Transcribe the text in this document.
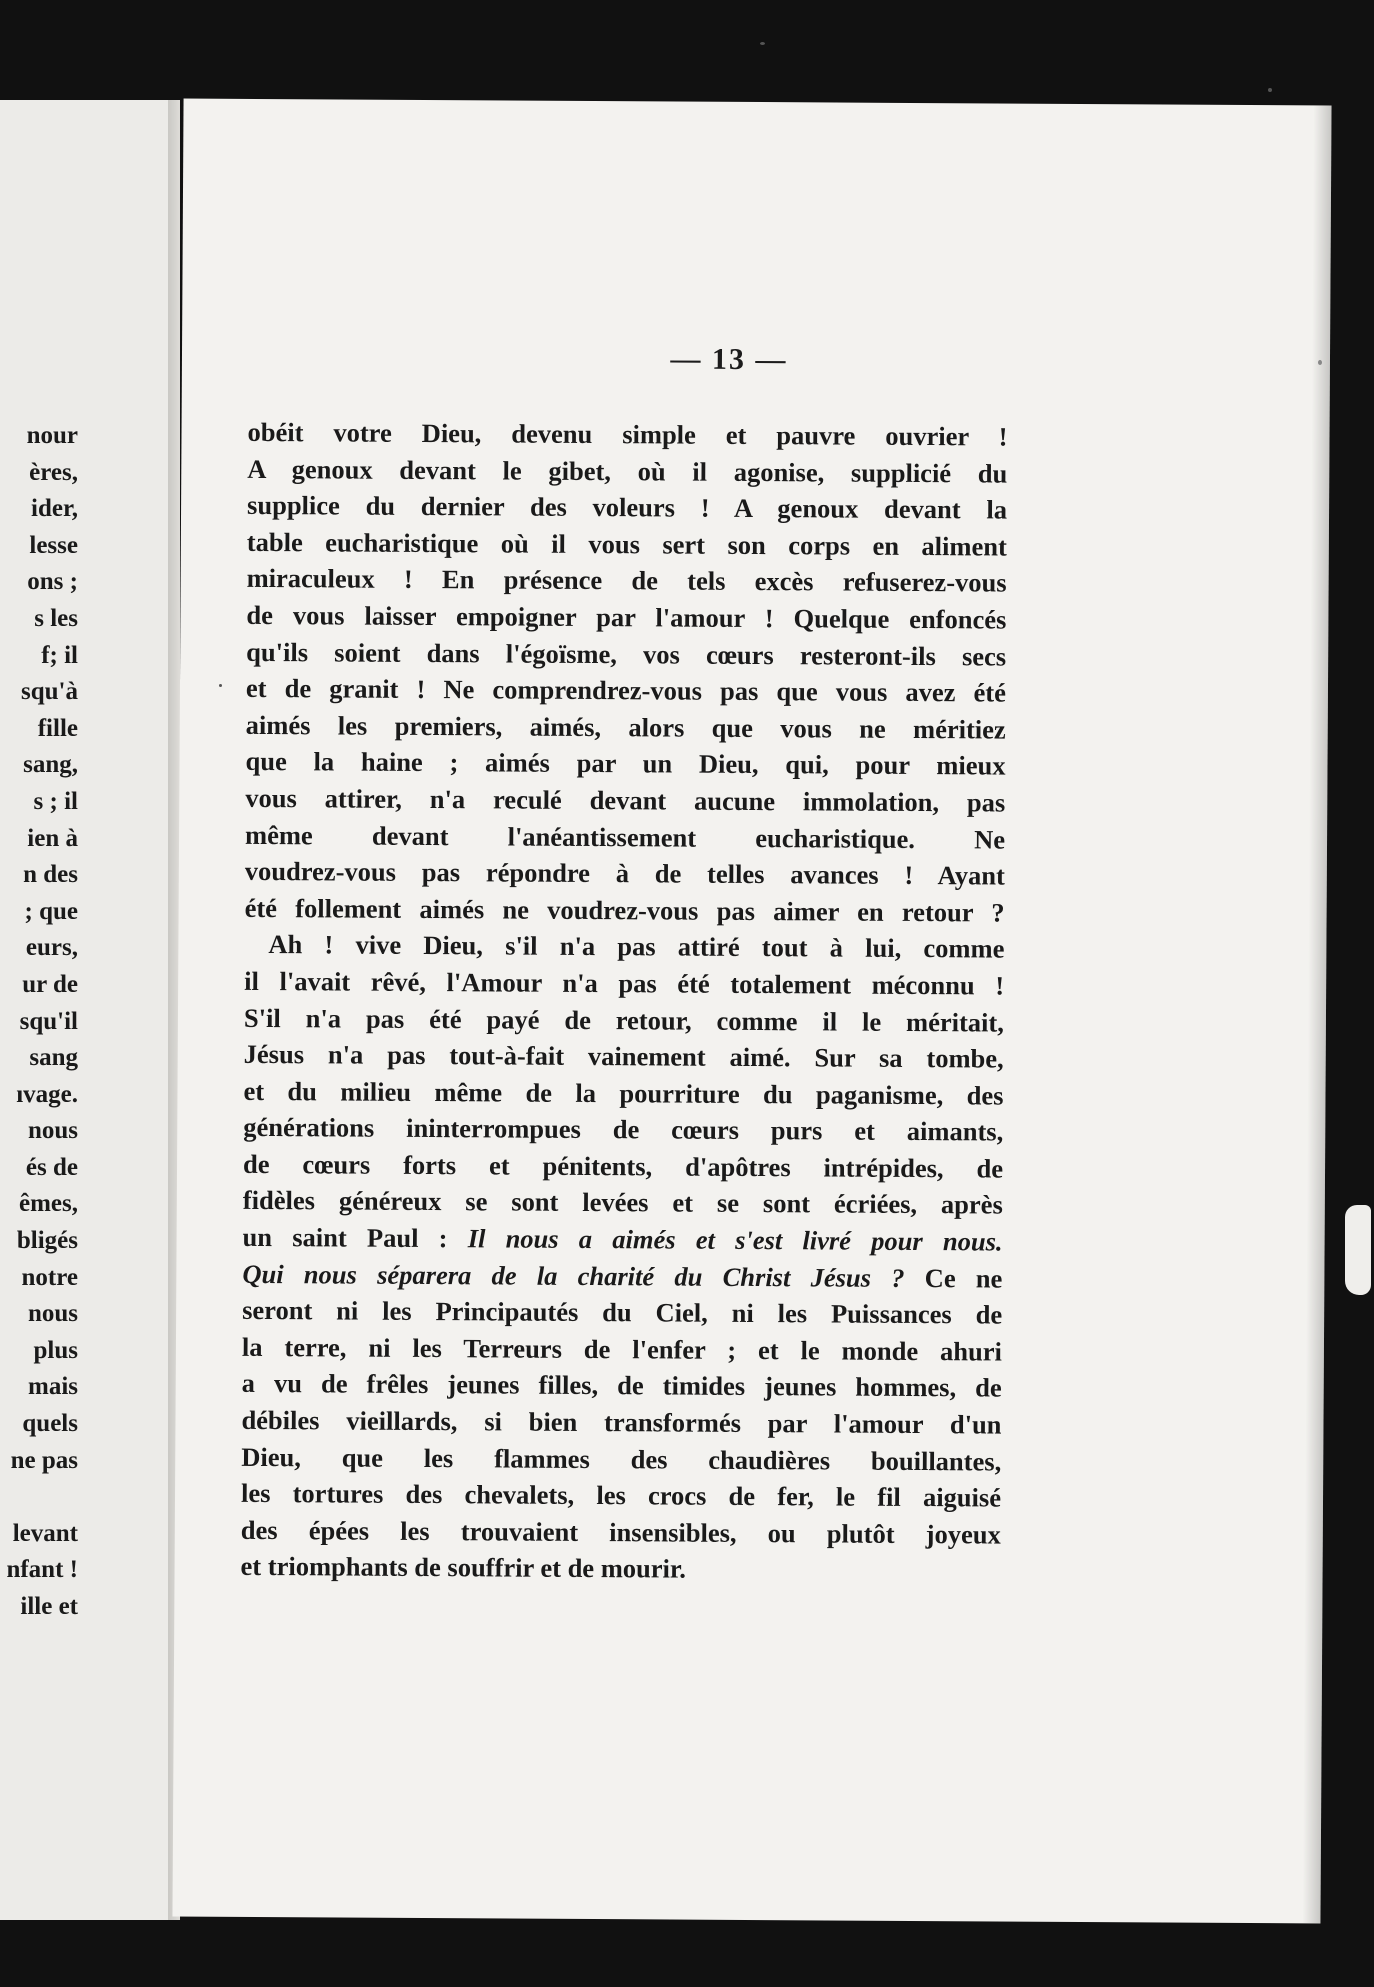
nour
ères,
ider,
lesse
ons ;
s les
f; il
squ'à
fille
sang,
s ; il
ien à
n des
; que
eurs,
ur de
squ'il
sang
ıvage.
nous
és de
êmes,
bligés
notre
nous
plus
mais
quels
ne pas
levant
nfant !
ille et
— 13 —
obéit votre Dieu, devenu simple et pauvre ouvrier !
A genoux devant le gibet, où il agonise, supplicié du
supplice du dernier des voleurs ! A genoux devant la
table eucharistique où il vous sert son corps en aliment
miraculeux ! En présence de tels excès refuserez-vous
de vous laisser empoigner par l'amour ! Quelque enfoncés
qu'ils soient dans l'égoïsme, vos cœurs resteront-ils secs
et de granit ! Ne comprendrez-vous pas que vous avez été
aimés les premiers, aimés, alors que vous ne méritiez
que la haine ; aimés par un Dieu, qui, pour mieux
vous attirer, n'a reculé devant aucune immolation, pas
même devant l'anéantissement eucharistique. Ne
voudrez-vous pas répondre à de telles avances ! Ayant
été follement aimés ne voudrez-vous pas aimer en retour ?
Ah ! vive Dieu, s'il n'a pas attiré tout à lui, comme
il l'avait rêvé, l'Amour n'a pas été totalement méconnu !
S'il n'a pas été payé de retour, comme il le méritait,
Jésus n'a pas tout-à-fait vainement aimé. Sur sa tombe,
et du milieu même de la pourriture du paganisme, des
générations ininterrompues de cœurs purs et aimants,
de cœurs forts et pénitents, d'apôtres intrépides, de
fidèles généreux se sont levées et se sont écriées, après
un saint Paul : Il nous a aimés et s'est livré pour nous.
Qui nous séparera de la charité du Christ Jésus ? Ce ne
seront ni les Principautés du Ciel, ni les Puissances de
la terre, ni les Terreurs de l'enfer ; et le monde ahuri
a vu de frêles jeunes filles, de timides jeunes hommes, de
débiles vieillards, si bien transformés par l'amour d'un
Dieu, que les flammes des chaudières bouillantes,
les tortures des chevalets, les crocs de fer, le fil aiguisé
des épées les trouvaient insensibles, ou plutôt joyeux
et triomphants de souffrir et de mourir.
